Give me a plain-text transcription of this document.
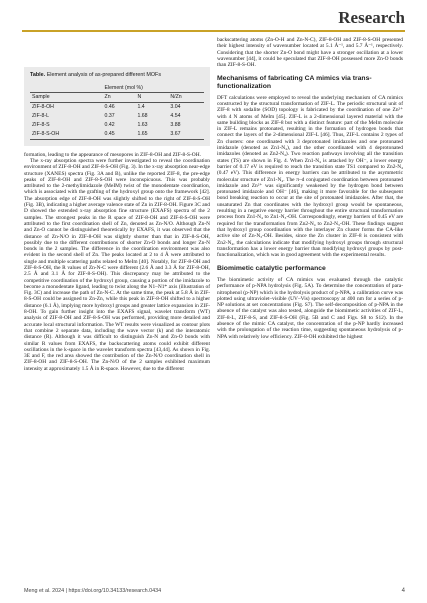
Research
Table. Element analysis of as-prepared different MOFs
	Element (mol %)		
Sample	Zn	N	N/Zn
ZIF-8-OH	0.46	1.4	3.04
ZIF-8-L	0.37	1.68	4.54
ZIF-8-S	0.42	1.63	3.88
ZIF-8-S-OH	0.45	1.65	3.67

formation, leading to the appearance of mesopores in ZIF-8-OH and ZIF-8-S-OH.

The x-ray absorption spectra were further investigated to reveal the coordination environment of ZIF-8-OH and ZIF-8-S-OH (Fig. 3). In the x-ray absorption near-edge structure (XANES) spectra (Fig. 3A and B), unlike the reported ZIF-8, the pre-edge peaks of ZIF-8-OH and ZIF-8-S-OH were inconspicuous. This was probably attributed to the 2-methylimidazole (MeIM) twist of the monodentate coordination, which is associated with the grafting of the hydroxyl group onto the framework [42]. The absorption edge of ZIF-8-OH was slightly shifted to the right of ZIF-8-S-OH (Fig. 3B), indicating a higher average valence state of Zn in ZIF-8-OH. Figure 3C and D showed the extended x-ray absorption fine structure (EXAFS) spectra of the 2 samples. The strongest peaks in the R space of ZIF-8-OH and ZIF-8-S-OH were attributed to the first coordination shell of Zn, denoted as Zn-N/O. Although Zn-N and Zn-O cannot be distinguished theoretically by EXAFS, it was observed that the distance of Zn-N/O in ZIF-8-OH was slightly shorter than that in ZIF-8-S-OH, possibly due to the different contributions of shorter Zn-O bonds and longer Zn-N bonds in the 2 samples. The difference in the coordination environment was also evident in the second shell of Zn. The peaks located at 2 to 4 Å were attributed to single and multiple scattering paths related to MeIm [40]. Notably, for ZIF-8-OH and ZIF-8-S-OH, the R values of Zn-N-C were different (2.6 Å and 3.3 Å for ZIF-8-OH, 2.5 Å and 3.1 Å for ZIF-8-S-OH). This discrepancy may be attributed to the competitive coordination of the hydroxyl group, causing a portion of the imidazole to become a monodentate ligand, leading to twist along the N1–N1* axis (illustration of Fig. 3C) and increase the path of Zn-N-C. At the same time, the peak at 5.8 Å in ZIF-8-S-OH could be assigned to Zn-Zn, while this peak in ZIF-8-OH shifted to a higher distance (6.1 Å), implying more hydroxyl groups and greater lattice expansion in ZIF-8-OH. To gain further insight into the EXAFS signal, wavelet transform (WT) analysis of ZIF-8-OH and ZIF-8-S-OH was performed, providing more detailed and accurate local structural information. The WT results were visualized as contour plots that combine 2 separate data, including the wave vector (k) and the interatomic distance (R). Although it was difficult to distinguish Zn-N and Zn-O bonds with similar R values from EXAFS, the backscattering atoms could exhibit different oscillations in the k-space in the wavelet transform spectra [43,44]. As shown in Fig. 3E and F, the red area showed the contribution of the Zn-N/O coordination shell in ZIF-8-OH and ZIF-8-S-OH. The Zn-N/O of the 2 samples exhibited maximum intensity at approximately 1.5 Å in R-space. However, due to the different

backscattering atoms (Zn-O-H and Zn-N-C), ZIF-8-OH and ZIF-8-S-OH presented their highest intensity of wavenumber located at 5.1 Å⁻¹, and 5.7 Å⁻¹, respectively. Considering that the shorter Zn-O bond might have a stronger oscillation at a lower wavenumber [44], it could be speculated that ZIF-8-OH possessed more Zn-O bonds than ZIF-8-S-OH.

Mechanisms of fabricating CA mimics via trans-functionalization

DFT calculations were employed to reveal the underlying mechanism of CA mimics constructed by the structural transformation of ZIF-L. The periodic structural unit of ZIF-8 with sodalite (SOD) topology is fabricated by the coordination of one Zn²⁺ with 4 N atoms of MeIm [45]. ZIF-L is a 2-dimensional layered material with the same building blocks as ZIF-8 but with a distinct feature: part of the MeIm molecule in ZIF-L remains protonated, resulting in the formation of hydrogen bonds that connect the layers of the 2-dimensional ZIF-L [46]. Thus, ZIF-L contains 2 types of Zn clusters: one coordinated with 3 deprotonated imidazoles and one protonated imidazole (denoted as Zn1-N₄), and the other coordinated with 4 deprotonated imidazoles (denoted as Zn2-N₄). Two reaction pathways involving all the transition states (TS) are shown in Fig. 4. When Zn1-N₄ is attacked by OH⁻, a lower energy barrier of 0.17 eV is required to reach the transition state TS1 compared to Zn2-N₄ (0.47 eV). This difference in energy barriers can be attributed to the asymmetric molecular structure of Zn1-N₄. The π–d conjugated coordination between protonated imidazole and Zn²⁺ was significantly weakened by the hydrogen bond between protonated imidazole and OH⁻ [46], making it more favorable for the subsequent bond breaking reaction to occur at the site of protonated imidazoles. After that, the unsaturated Zn that coordinates with the hydroxyl group would be spontaneous, resulting in a negative energy barrier throughout the entire structural transformation process from Zn1-N₄ to Zn1-N₃-OH. Correspondingly, energy barriers of 0.45 eV are required for the transformation from Zn2-N₄ to Zn2-N₃-OH. These findings suggest that hydroxyl group coordination with the interlayer Zn cluster forms the CA-like active site of Zn-N₃-OH. Besides, since the Zn cluster in ZIF-8 is consistent with Zn2-N₄, the calculations indicate that modifying hydroxyl groups through structural transformation has a lower energy barrier than modifying hydroxyl groups by post-functionalization, which was in good agreement with the experimental results.

Biomimetic catalytic performance

The biomimetic activity of CA mimics was evaluated through the catalytic performance of p-NPA hydrolysis (Fig. 5A). To determine the concentration of para-nitrophenol (p-NP) which is the hydrolysis product of p-NPA, a calibration curve was plotted using ultraviolet–visible (UV–Vis) spectroscopy at 400 nm for a series of p-NP solutions at set concentrations (Fig. S7). The self-decomposition of p-NPA in the absence of the catalyst was also tested, alongside the biomimetic activities of ZIF-L, ZIF-8-L, ZIF-8-S, and ZIF-8-S-OH (Fig. 5B and C and Figs. S8 to S12). In the absence of the mimic CA catalyst, the concentration of the p-NP hardly increased with the prolongation of the reaction time, suggesting spontaneous hydrolysis of p-NPA with relatively low efficiency. ZIF-8-OH exhibited the highest

Meng et al. 2024 | https://doi.org/10.34133/research.0434	4
